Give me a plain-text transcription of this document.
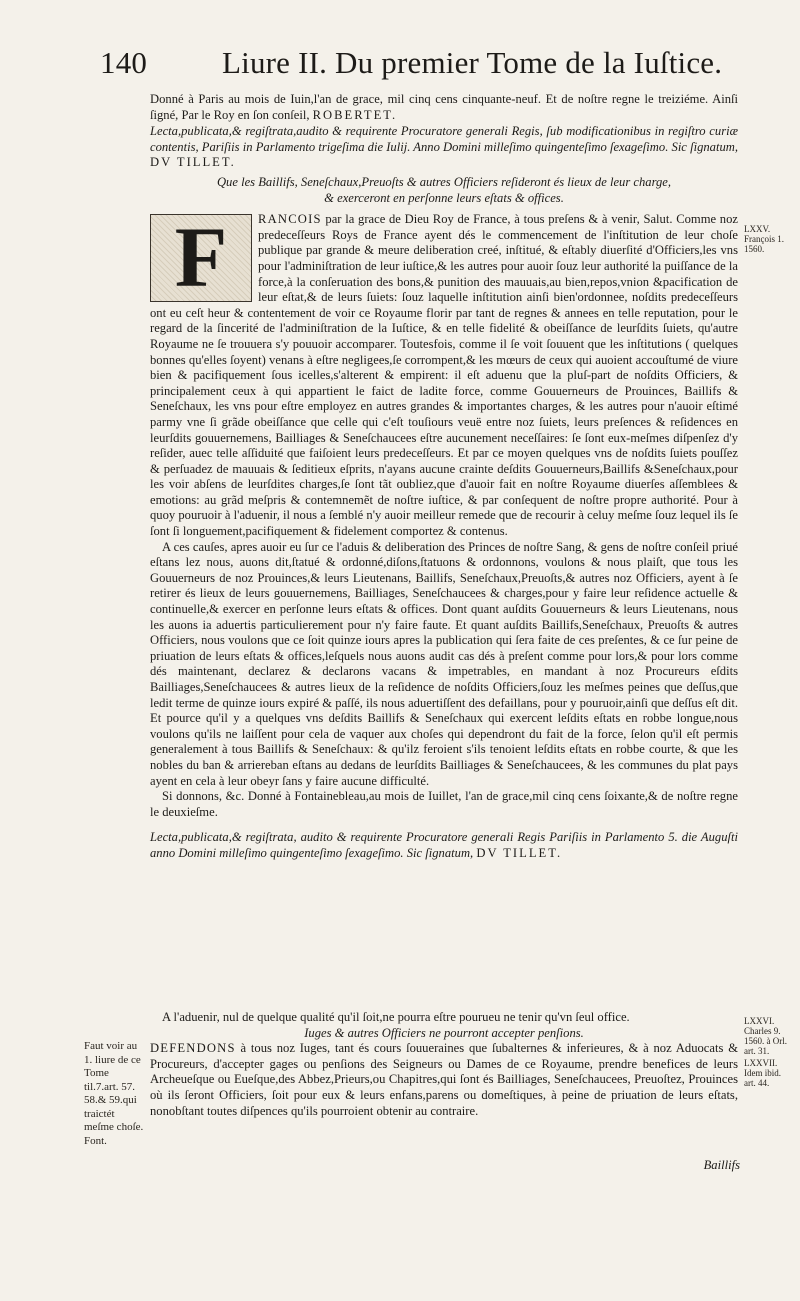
140 Liure II. Du premier Tome de la Iuſtice.

Donné à Paris au mois de Iuin,l'an de grace, mil cinq cens cinquante-neuf. Et de noſtre regne le treiziéme. Ainſi ſigné, Par le Roy en ſon conſeil, ROBERTET.

Lecta,publicata,& regiſtrata,audito & requirente Procuratore generali Regis, ſub modificationibus in regiſtro curiæ contentis, Pariſiis in Parlamento trigeſima die Iulij. Anno Domini milleſimo quingenteſimo ſexageſimo. Sic ſignatum, DV TILLET.

Que les Baillifs, Seneſchaux,Preuoſts & autres Officiers reſideront és lieux de leur charge,

& exerceront en perſonne leurs eſtats & offices.

F	RANCOIS par la grace de Dieu Roy de France, à tous preſens & à venir, Salut. Comme noz predeceſſeurs Roys de France ayent dés le commencement de l'inſtitution de leur choſe publique par grande & meure deliberation creé, inſtitué, & eſtably diuerſité d'Officiers,les vns pour l'adminiſtration de leur iuſtice,& les autres pour auoir ſouz leur authorité la puiſſance de la force,à la conſeruation des bons,& punition des mauuais,au bien,repos,vnion &pacification de leur eſtat,& de leurs ſuiets: ſouz laquelle inſtitution ainſi bien'ordonnee, noſdits predeceſſeurs ont eu ceſt heur & contentement de voir ce Royaume florir par tant de regnes & annees en telle reputation, pour le regard de la ſincerité de l'adminiſtration de la Iuſtice, & en telle fidelité & obeiſſance de leurſdits ſuiets, qu'autre Royaume ne ſe trouuera s'y pouuoir accomparer. Toutesfois, comme il ſe voit ſouuent que les inſtitutions ( quelques bonnes qu'elles ſoyent) venans à eſtre negligees,ſe corrompent,& les mœurs de ceux qui auoient accouſtumé de viure bien & pacifiquement ſous icelles,s'alterent & empirent: il eſt aduenu que la pluſ-part de noſdits Officiers, & principalement ceux à qui appartient le faict de ladite force, comme Gouuerneurs de Prouinces, Baillifs & Seneſchaux, les vns pour eſtre employez en autres grandes & importantes charges, & les autres pour n'auoir eſtimé parmy vne ſi grãde obeiſſance que celle qui c'eſt touſiours veuë entre noz ſuiets, leurs preſences & reſidences en leurſdits gouuernemens, Bailliages & Seneſchaucees eſtre aucunement neceſſaires: ſe ſont eux-meſmes diſpenſez d'y reſider, auec telle aſſiduité que faiſoient leurs predeceſſeurs. Et par ce moyen quelques vns de noſdits ſuiets pouſſez & perſuadez de mauuais & ſeditieux eſprits, n'ayans aucune crainte deſdits Gouuerneurs,Baillifs &Seneſchaux,pour les voir abſens de leurſdites charges,ſe ſont tãt oubliez,que d'auoir fait en noſtre Royaume diuerſes aſſemblees & emotions: au grãd meſpris & contemnemẽt de noſtre iuſtice, & par conſequent de noſtre propre authorité. Pour à quoy pouruoir à l'aduenir, il nous a ſemblé n'y auoir meilleur remede que de recourir à celuy meſme ſouz lequel ils ſe ſont ſi longuement,pacifiquement & fidelement comportez & contenus.

A ces cauſes, apres auoir eu ſur ce l'aduis & deliberation des Princes de noſtre Sang, & gens de noſtre conſeil priué eſtans lez nous, auons dit,ſtatué & ordonné,diſons,ſtatuons & ordonnons, voulons & nous plaiſt, que tous les Gouuerneurs de noz Prouinces,& leurs Lieutenans, Baillifs, Seneſchaux,Preuoſts,& autres noz Officiers, ayent à ſe retirer és lieux de leurs gouuernemens, Bailliages, Seneſchaucees & charges,pour y faire leur reſidence actuelle & continuelle,& exercer en perſonne leurs eſtats & offices. Dont quant auſdits Gouuerneurs & leurs Lieutenans, nous les auons ia aduertis particulierement pour n'y faire faute. Et quant auſdits Baillifs,Seneſchaux, Preuoſts & autres Officiers, nous voulons que ce ſoit quinze iours apres la publication qui ſera faite de ces preſentes, & ce ſur peine de priuation de leurs eſtats & offices,leſquels nous auons audit cas dés à preſent comme pour lors,& pour lors comme dés maintenant, declarez & declarons vacans & impetrables, en mandant à noz Procureurs eſdits Bailliages,Seneſchaucees & autres lieux de la reſidence de noſdits Officiers,ſouz les meſmes peines que deſſus,que ledit terme de quinze iours expiré & paſſé, ils nous aduertiſſent des defaillans, pour y pouruoir,ainſi que deſſus eſt dit. Et pource qu'il y a quelques vns deſdits Baillifs & Seneſchaux qui exercent leſdits eſtats en robbe longue,nous voulons qu'ils ne laiſſent pour cela de vaquer aux choſes qui dependront du fait de la force, ſelon qu'il eſt permis generalement à tous Baillifs & Seneſchaux: & qu'ilz feroient s'ils tenoient leſdits eſtats en robbe courte, & que les nobles du ban & arriereban eſtans au dedans de leurſdits Bailliages & Seneſchaucees, & les communes du plat pays ayent en cela à leur obeyr ſans y faire aucune difficulté.

Si donnons, &c. Donné à Fontainebleau,au mois de Iuillet, l'an de grace,mil cinq cens ſoixante,& de noſtre regne le deuxieſme.

Lecta,publicata,& regiſtrata, audito & requirente Procuratore generali Regis Pariſiis in Parlamento 5. die Auguſti anno Domini milleſimo quingenteſimo ſexageſimo. Sic ſignatum, DV TILLET.

A l'aduenir, nul de quelque qualité qu'il ſoit,ne pourra eſtre pourueu ne tenir qu'vn ſeul office.

Iuges & autres Officiers ne pourront accepter penſions.

DEFENDONS à tous noz Iuges, tant és cours ſouueraines que ſubalternes & inferieures, & à noz Aduocats & Procureurs, d'accepter gages ou penſions des Seigneurs ou Dames de ce Royaume, prendre benefices de leurs Archeueſque ou Eueſque,des Abbez,Prieurs,ou Chapitres,qui ſont és Bailliages, Seneſchaucees, Preuoſtez, Prouinces où ils ſeront Officiers, ſoit pour eux & leurs enfans,parens ou domeſtiques, à peine de priuation de leurs eſtats, nonobſtant toutes diſpences qu'ils pourroient obtenir au contraire.

LXXV. François 1. 1560.
LXXVI. Charles 9. 1560. à Orl. art. 31.
LXXVII. Idem ibid. art. 44.
Faut voir au 1. liure de ce Tome til.7.art. 57. 58.& 59.qui traictét meſme choſe. Font.
Baillifs
